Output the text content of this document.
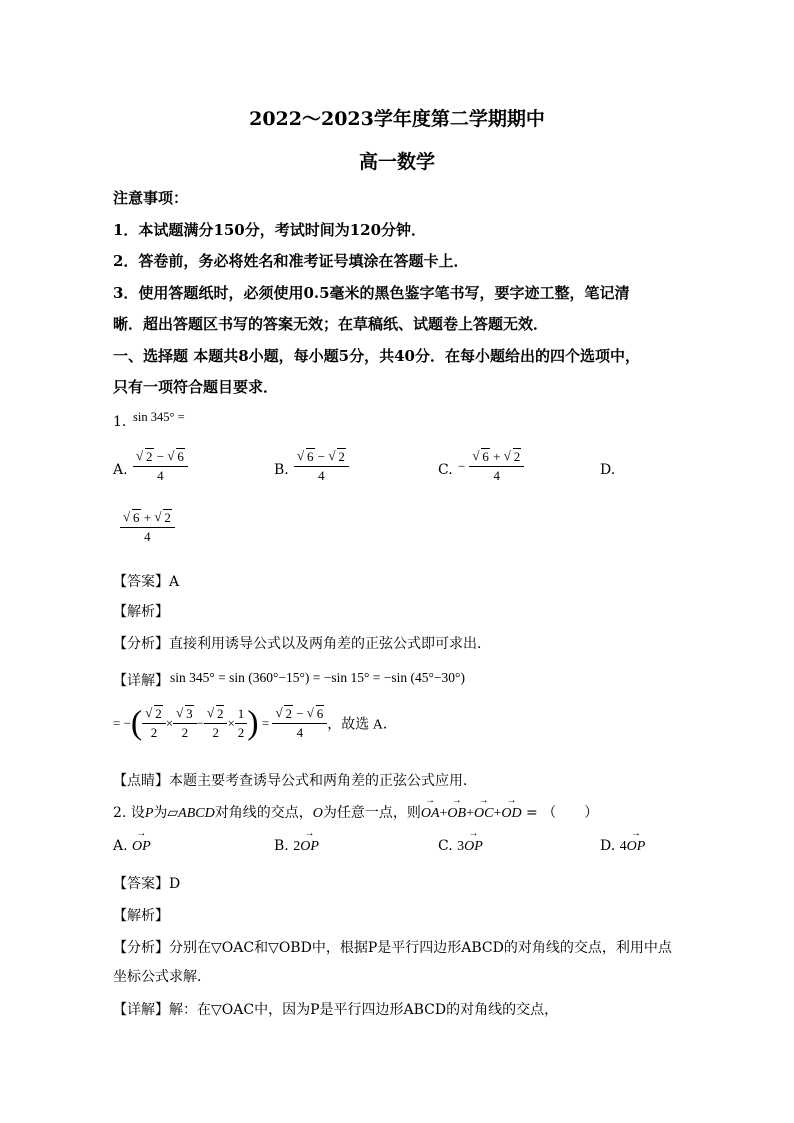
2022～2023学年度第二学期期中
高一数学
注意事项：
1．本试题满分150分，考试时间为120分钟．
2．答卷前，务必将姓名和准考证号填涂在答题卡上．
3．使用答题纸时，必须使用0.5毫米的黑色鉴字笔书写，要字迹工整，笔记清
晰．超出答题区书写的答案无效；在草稿纸、试题卷上答题无效．
一、选择题 本题共8小题，每小题5分，共40分．在每小题给出的四个选项中，
只有一项符合题目要求．
1. sin 345° =
A. √ $\frac{2 - √ 6}{4}$	B. √ $\frac{6 - √ 2}{4}$	C. − √ $\frac{6 + √ 2}{4}$	D.
√ $\frac{6 + √ 2}{4}$
【答案】A
【解析】
【分析】直接利用诱导公式以及两角差的正弦公式即可求出．
【详解】 sin 345° = sin (360°−15°) = −sin 15° = −sin (45°−30°)
= −( √ $\frac{2}{2}$ × √ $\frac{3}{2}$ − √ $\frac{2}{2} \times \frac{1}{2}$ ) = √ $\frac{2 - √ 6}{4}$ ，故选 A．
【点睛】本题主要考查诱导公式和两角差的正弦公式应用．
2. 设P为▱ABCD对角线的交点，O为任意一点，则→ OA+→ OB+→ OC+→ OD = （　　）
A. → OP	B. 2→ OP	C. 3→ OP	D. 4→ OP
【答案】D
【解析】
【分析】分别在▽OAC和▽OBD中，根据P是平行四边形ABCD的对角线的交点，利用中点
坐标公式求解．
【详解】解：在▽OAC中，因为P是平行四边形ABCD的对角线的交点，
